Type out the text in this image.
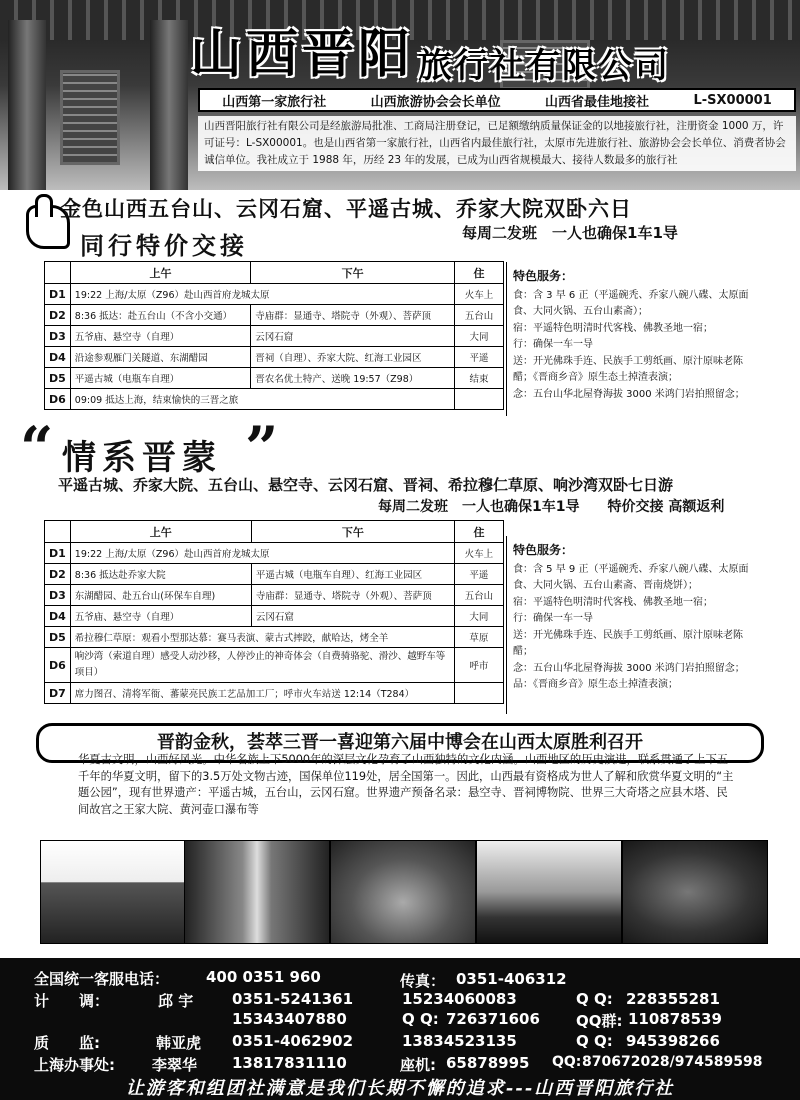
山西晋阳 旅行社有限公司
山西第一家旅行社	山西旅游协会会长单位	山西省最佳地接社	L-SX00001
山西晋阳旅行社有限公司是经旅游局批准、工商局注册登记，已足额缴纳质量保证金的以地接旅行社，注册资金 1000 万，许可证号：L-SX00001。也是山西省第一家旅行社，山西省内最佳旅行社，太原市先进旅行社、旅游协会会长单位、消费者协会诚信单位。我社成立于 1988 年，历经 23 年的发展，已成为山西省规模最大、接待人数最多的旅行社
金色山西五台山、云冈石窟、平遥古城、乔家大院双卧六日
同行特价交接	每周二发班　一人也确保1车1导
	上午	下午	住
D1	19:22 上海/太原（Z96）赴山西首府龙城太原		火车上
D2	8:36 抵达：赴五台山（不含小交通）	寺庙群：显通寺、塔院寺（外观）、菩萨顶	五台山
D3	五爷庙、悬空寺（自理）	云冈石窟	大同
D4	沿途参观雁门关隧道、东湖醋园	晋祠（自理）、乔家大院、红海工业园区	平遥
D5	平遥古城（电瓶车自理）	晋农名优土特产、送晚 19:57（Z98）	结束
D6	09:09 抵达上海，结束愉快的三晋之旅		
特色服务：
食：含 3 早 6 正（平遥碗秃、乔家八碗八碟、太原面食、大同火锅、五台山素斋）；
宿：平遥特色明清时代客栈、佛教圣地一宿；
行：确保一车一导
送：开光佛珠手连、民族手工剪纸画、原汁原味老陈醋；《晋商乡音》原生态土掉渣表演；
念：五台山华北屋脊海拔 3000 米鸿门岩拍照留念；
“ 情系晋蒙 ”
平遥古城、乔家大院、五台山、悬空寺、云冈石窟、晋祠、希拉穆仁草原、响沙湾双卧七日游
每周二发班　一人也确保1车1导　　特价交接 高额返利
	上午	下午	住
D1	19:22 上海/太原（Z96）赴山西首府龙城太原		火车上
D2	8:36 抵达赴乔家大院	平遥古城（电瓶车自理）、红海工业园区	平遥
D3	东湖醋园、赴五台山(环保车自理)	寺庙群：显通寺、塔院寺（外观）、菩萨顶	五台山
D4	五爷庙、悬空寺（自理）	云冈石窟	大同
D5	希拉穆仁草原：观看小型那达慕：赛马表演、蒙古式摔跤，献哈达，烤全羊		草原
D6	响沙湾（索道自理）感受人动沙移，人停沙止的神奇体会（自费骑骆驼、滑沙、越野车等项目）		呼市
D7	席力图召、清将军衙、蕃蒙亮民族工艺品加工厂；呼市火车站送 12:14（T284）		
特色服务：
食：含 5 早 9 正（平遥碗秃、乔家八碗八碟、太原面食、大同火锅、五台山素斋、晋南烧饼）；
宿：平遥特色明清时代客栈、佛教圣地一宿；
行：确保一车一导
送：开光佛珠手连、民族手工剪纸画、原汁原味老陈醋；
念：五台山华北屋脊海拔 3000 米鸿门岩拍照留念；
品：《晋商乡音》原生态土掉渣表演；
晋韵金秋，荟萃三晋一喜迎第六届中博会在山西太原胜利召开
华夏古文明，山西好风光。中华名族上下5000年的深层文化孕育了山西独特的文化内涵。山西地区的历史演进，联系贯通了上下五千年的华夏文明，留下的3.5万处文物古迹，国保单位119处，居全国第一。因此，山西最有资格成为世人了解和欣赏华夏文明的“主题公园”，现有世界遗产：平遥古城，五台山，云冈石窟。世界遗产预备名录：悬空寺、晋祠博物院、世界三大奇塔之应县木塔、民间故宫之王家大院、黄河壶口瀑布等
全国统一客服电话： 400 0351 960	传真： 0351-406312
计　　调：	邱 宇	0351-5241361	15234060083	Q Q: 228355281
15343407880	Q Q: 726371606 QQ群: 110878539
质　　监:	韩亚虎 0351-4062902	13834523135	Q Q: 945398266
上海办事处: 李翠华 13817831110	座机: 65878995 QQ: 870672028/974589598
让游客和组团社满意是我们长期不懈的追求---山西晋阳旅行社
